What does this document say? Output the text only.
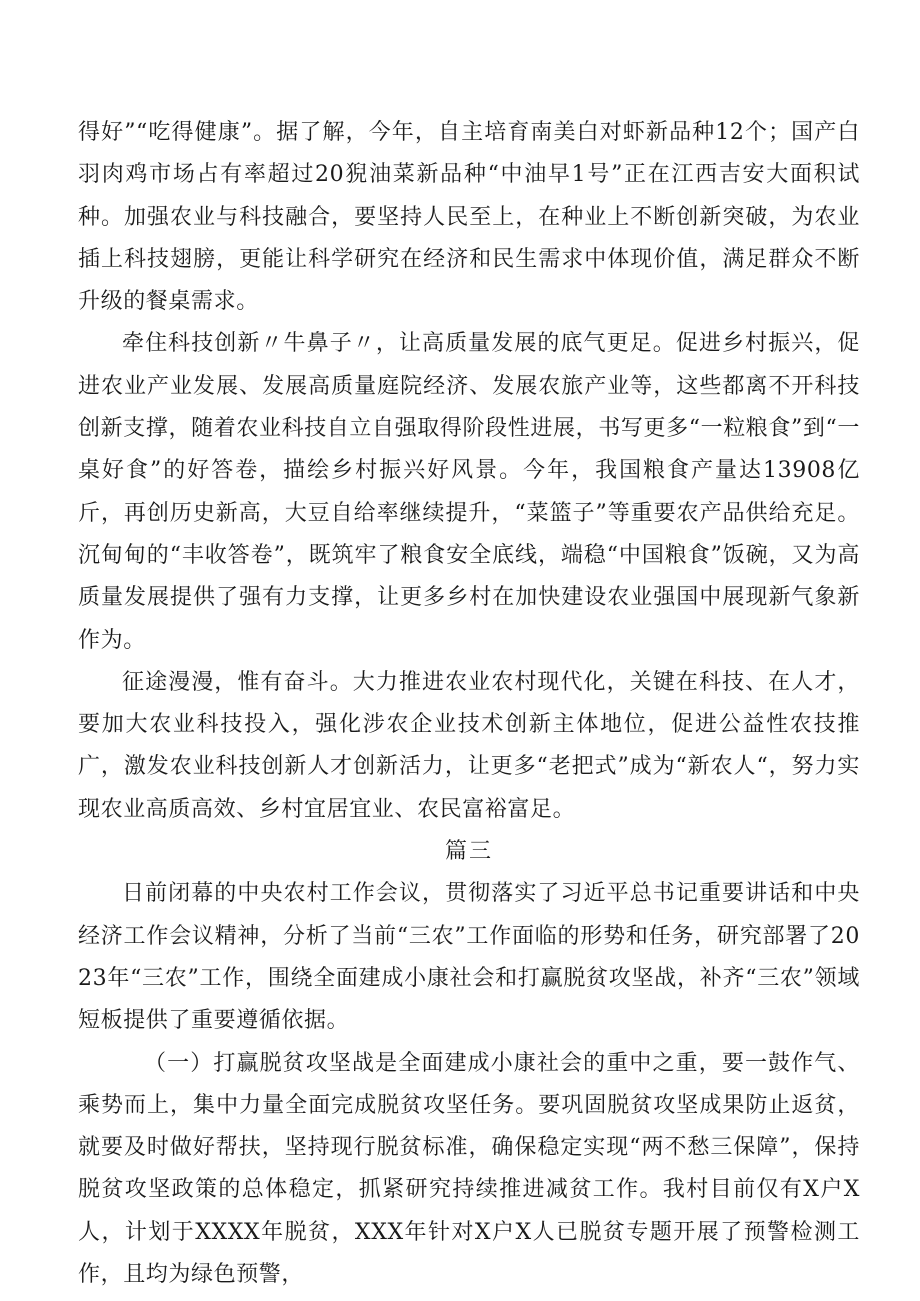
得好”“吃得健康”。据了解，今年，自主培育南美白对虾新品种12个；国产白羽肉鸡市场占有率超过20猊油菜新品种“中油早1号”正在江西吉安大面积试种。加强农业与科技融合，要坚持人民至上，在种业上不断创新突破，为农业插上科技翅膀，更能让科学研究在经济和民生需求中体现价值，满足群众不断升级的餐桌需求。

牵住科技创新〃牛鼻子〃，让高质量发展的底气更足。促进乡村振兴，促进农业产业发展、发展高质量庭院经济、发展农旅产业等，这些都离不开科技创新支撑，随着农业科技自立自强取得阶段性进展，书写更多“一粒粮食”到“一桌好食”的好答卷，描绘乡村振兴好风景。今年，我国粮食产量达13908亿斤，再创历史新高，大豆自给率继续提升，“菜篮子”等重要农产品供给充足。沉甸甸的“丰收答卷”，既筑牢了粮食安全底线，端稳“中国粮食”饭碗，又为高质量发展提供了强有力支撑，让更多乡村在加快建设农业强国中展现新气象新作为。

征途漫漫，惟有奋斗。大力推进农业农村现代化，关键在科技、在人才，要加大农业科技投入，强化涉农企业技术创新主体地位，促进公益性农技推广，激发农业科技创新人才创新活力，让更多“老把式”成为“新农人“，努力实现农业高质高效、乡村宜居宜业、农民富裕富足。

篇三

日前闭幕的中央农村工作会议，贯彻落实了习近平总书记重要讲话和中央经济工作会议精神，分析了当前“三农”工作面临的形势和任务，研究部署了2023年“三农”工作，围绕全面建成小康社会和打赢脱贫攻坚战，补齐“三农”领域短板提供了重要遵循依据。

（一）打赢脱贫攻坚战是全面建成小康社会的重中之重，要一鼓作气、乘势而上，集中力量全面完成脱贫攻坚任务。要巩固脱贫攻坚成果防止返贫，就要及时做好帮扶，坚持现行脱贫标准，确保稳定实现“两不愁三保障”，保持脱贫攻坚政策的总体稳定，抓紧研究持续推进减贫工作。我村目前仅有X户X人，计划于XXXX年脱贫，XXX年针对X户X人已脱贫专题开展了预警检测工作，且均为绿色预警，
